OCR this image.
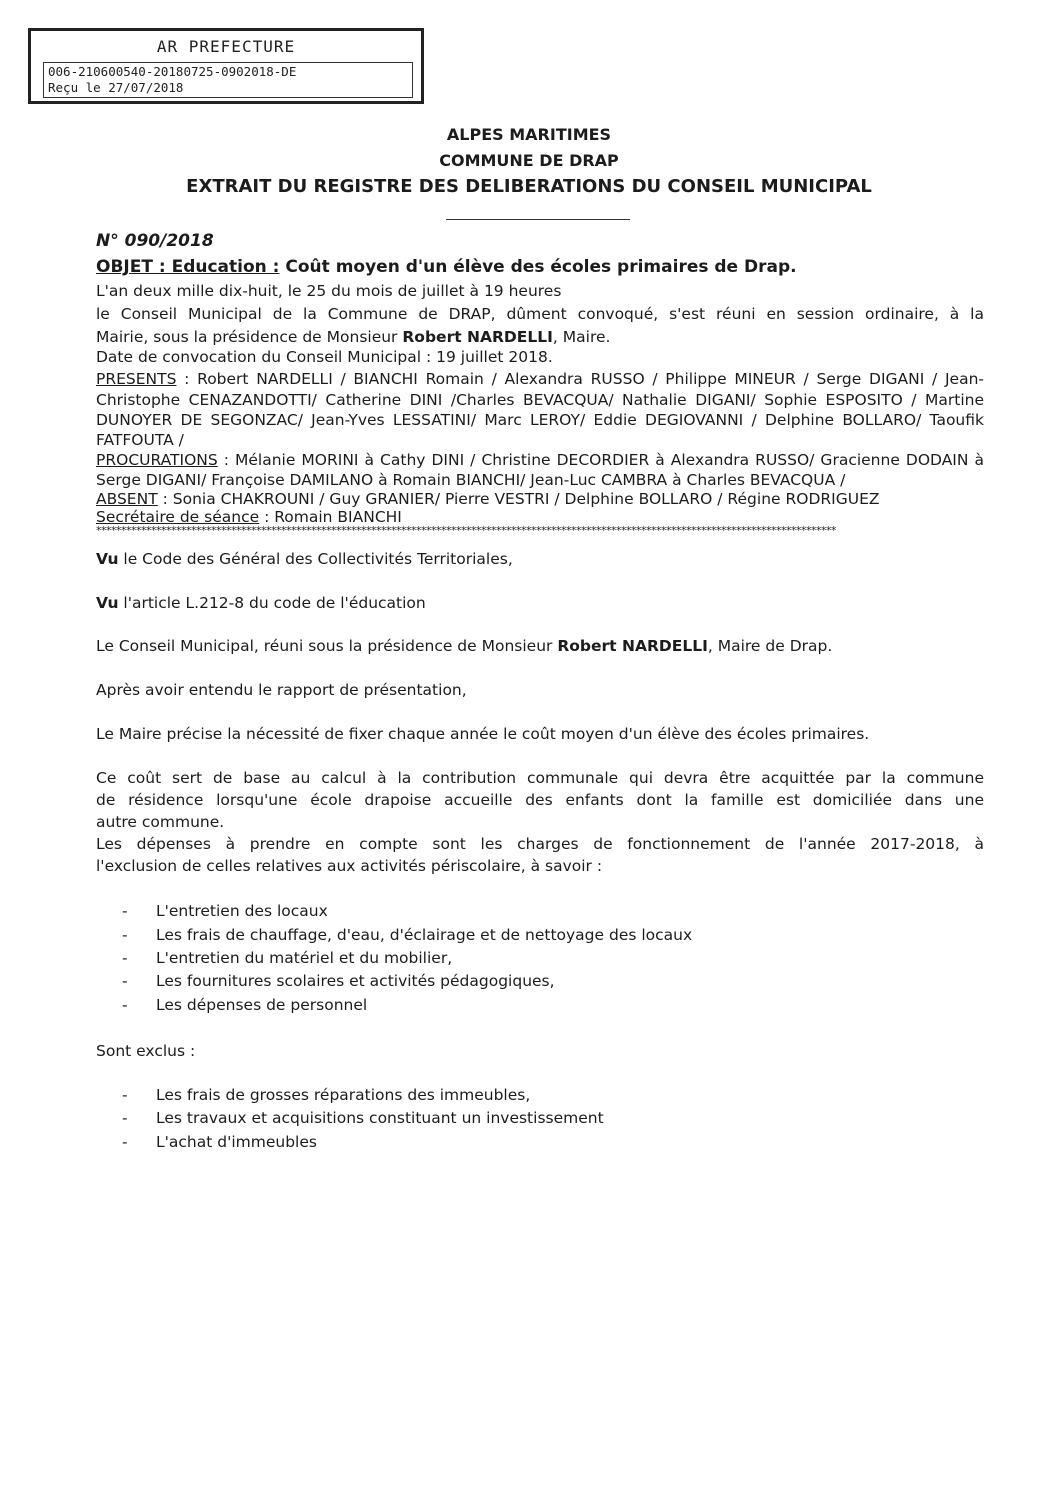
AR PREFECTURE
006-210600540-20180725-0902018-DE
Reçu le 27/07/2018
ALPES MARITIMES
COMMUNE DE DRAP
EXTRAIT DU REGISTRE DES DELIBERATIONS DU CONSEIL MUNICIPAL
N° 090/2018
OBJET : Education : Coût moyen d'un élève des écoles primaires de Drap.
L'an deux mille dix-huit, le 25 du mois de juillet à 19 heures
le Conseil Municipal de la Commune de DRAP, dûment convoqué, s'est réuni en session ordinaire, à la
Mairie, sous la présidence de Monsieur Robert NARDELLI, Maire.
Date de convocation du Conseil Municipal : 19 juillet 2018.
PRESENTS : Robert NARDELLI / BIANCHI Romain / Alexandra RUSSO / Philippe MINEUR / Serge DIGANI / Jean-
Christophe CENAZANDOTTI/ Catherine DINI /Charles BEVACQUA/ Nathalie DIGANI/ Sophie ESPOSITO / Martine
DUNOYER DE SEGONZAC/ Jean-Yves LESSATINI/ Marc LEROY/ Eddie DEGIOVANNI / Delphine BOLLARO/ Taoufik
FATFOUTA /
PROCURATIONS : Mélanie MORINI à Cathy DINI / Christine DECORDIER à Alexandra RUSSO/ Gracienne DODAIN à
Serge DIGANI/ Françoise DAMILANO à Romain BIANCHI/ Jean-Luc CAMBRA à Charles BEVACQUA /
ABSENT : Sonia CHAKROUNI / Guy GRANIER/ Pierre VESTRI / Delphine BOLLARO / Régine RODRIGUEZ
Secrétaire de séance : Romain BIANCHI
****************************************************************************************************************************************************
Vu le Code des Général des Collectivités Territoriales,
Vu l'article L.212-8 du code de l'éducation
Le Conseil Municipal, réuni sous la présidence de Monsieur Robert NARDELLI, Maire de Drap.
Après avoir entendu le rapport de présentation,
Le Maire précise la nécessité de fixer chaque année le coût moyen d'un élève des écoles primaires.
Ce coût sert de base au calcul à la contribution communale qui devra être acquittée par la commune
de résidence lorsqu'une école drapoise accueille des enfants dont la famille est domiciliée dans une
autre commune.
Les dépenses à prendre en compte sont les charges de fonctionnement de l'année 2017-2018, à
l'exclusion de celles relatives aux activités périscolaire, à savoir :
- L'entretien des locaux
- Les frais de chauffage, d'eau, d'éclairage et de nettoyage des locaux
- L'entretien du matériel et du mobilier,
- Les fournitures scolaires et activités pédagogiques,
- Les dépenses de personnel
Sont exclus :
- Les frais de grosses réparations des immeubles,
- Les travaux et acquisitions constituant un investissement
- L'achat d'immeubles
